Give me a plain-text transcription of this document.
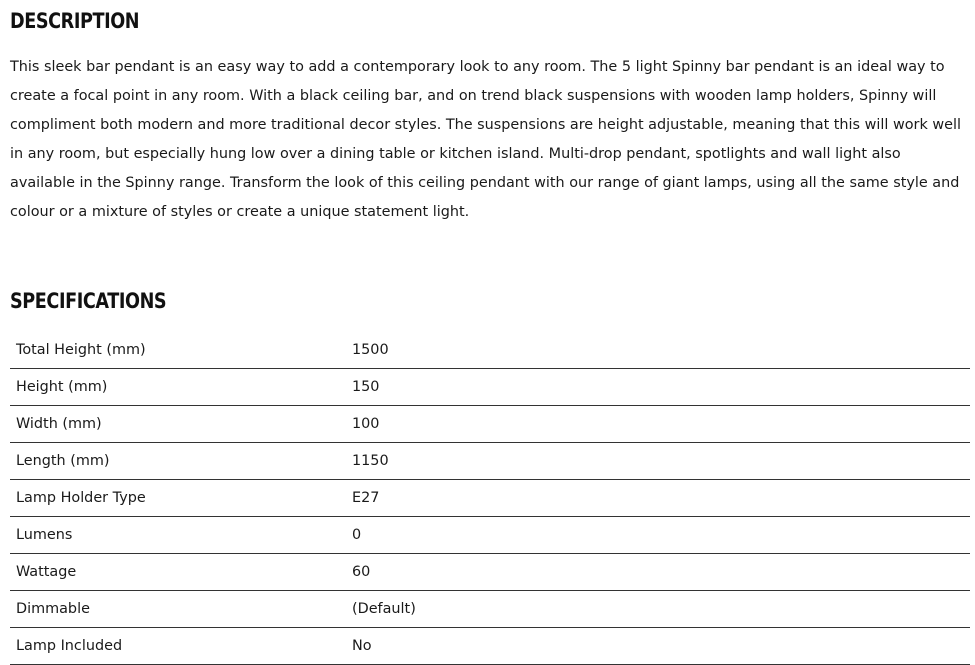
DESCRIPTION

This sleek bar pendant is an easy way to add a contemporary look to any room. The 5 light Spinny bar pendant is an ideal way to create a focal point in any room. With a black ceiling bar, and on trend black suspensions with wooden lamp holders, Spinny will compliment both modern and more traditional decor styles. The suspensions are height adjustable, meaning that this will work well in any room, but especially hung low over a dining table or kitchen island. Multi-drop pendant, spotlights and wall light also available in the Spinny range. Transform the look of this ceiling pendant with our range of giant lamps, using all the same style and colour or a mixture of styles or create a unique statement light.

SPECIFICATIONS
Total Height (mm)	1500
Height (mm)	150
Width (mm)	100
Length (mm)	1150
Lamp Holder Type	E27
Lumens	0
Wattage	60
Dimmable	(Default)
Lamp Included	No
